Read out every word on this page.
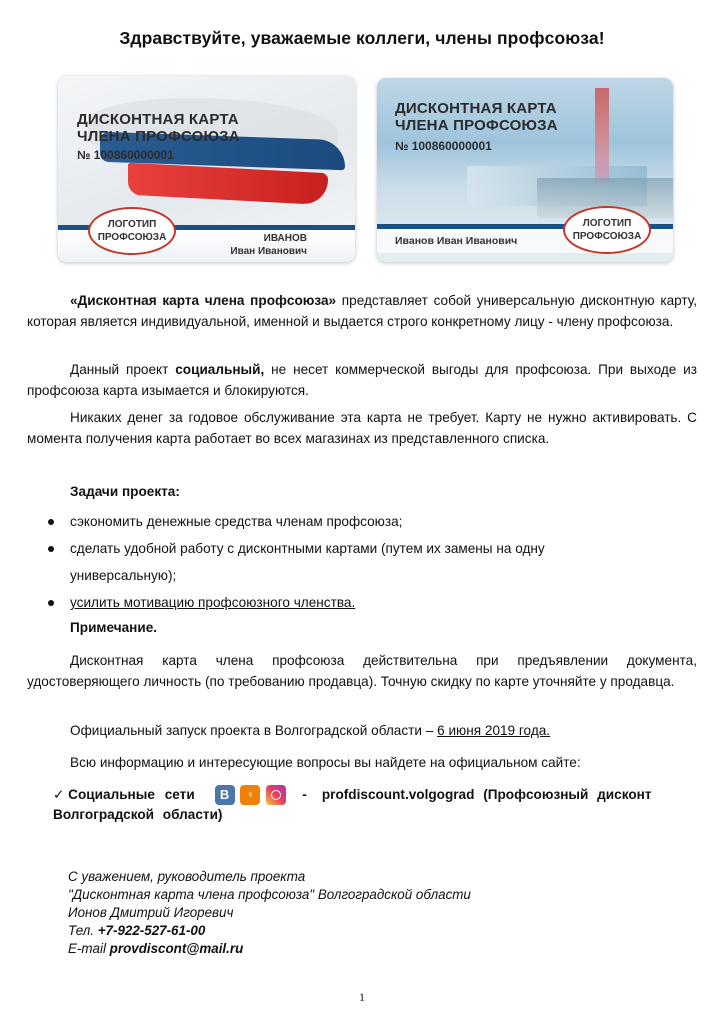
Здравствуйте, уважаемые коллеги, члены профсоюза!
ДИСКОНТНАЯ КАРТА
ЧЛЕНА ПРОФСОЮЗА
№ 100860000001
ЛОГОТИП
ПРОФСОЮЗА	ИВАНОВ
Иван Иванович
ДИСКОНТНАЯ КАРТА
ЧЛЕНА ПРОФСОЮЗА
№ 100860000001
Иванов Иван Иванович
ЛОГОТИП
ПРОФСОЮЗА
«Дисконтная карта члена профсоюза» представляет собой универсальную дисконтную карту, которая является индивидуальной, именной и выдается строго конкретному лицу - члену профсоюза.
Данный проект социальный, не несет коммерческой выгоды для профсоюза. При выходе из профсоюза карта изымается и блокируются.
Никаких денег за годовое обслуживание эта карта не требует. Карту не нужно активировать. С момента получения карта работает во всех магазинах из представленного списка.
Задачи проекта:
сэкономить денежные средства членам профсоюза;
сделать удобной работу с дисконтными картами (путем их замены на одну
универсальную);
усилить мотивацию профсоюзного членства.
Примечание.
Дисконтная карта члена профсоюза действительна при предъявлении документа, удостоверяющего личность (по требованию продавца). Точную скидку по карте уточняйте у продавца.
Официальный запуск проекта в Волгоградской области – 6 июня 2019 года.
Всю информацию и интересующие вопросы вы найдете на официальном сайте:
✓ Социальные сети B ♀	- profdiscount.volgograd (Профсоюзный дисконт Волгоградской области)
С уважением, руководитель проекта
"Дисконтная карта члена профсоюза" Волгоградской области
Ионов Дмитрий Игоревич
Тел. +7-922-527-61-00
E-mail provdiscont@mail.ru
1
